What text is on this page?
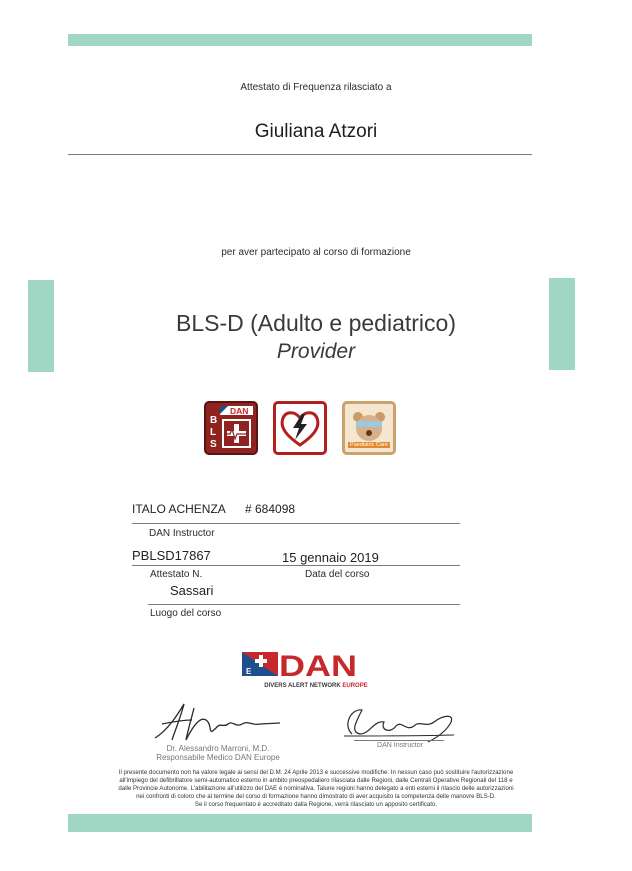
Attestato di Frequenza rilasciato a
Giuliana Atzori
per aver partecipato al corso di formazione
BLS-D (Adulto e pediatrico)
Provider
DAN
B
L
S	Paediatric Care
ITALO ACHENZA # 684098
DAN Instructor
PBLSD17867	15 gennaio 2019
Attestato N.	Data del corso
Sassari
Luogo del corso
E DAN
DIVERS ALERT NETWORK EUROPE
Dr. Alessandro Marroni, M.D.
Responsabile Medico DAN Europe
DAN Instructor
Il presente documento non ha valore legale ai sensi del D.M. 24 Aprile 2013 e successive modifiche. In nessun caso può sostituire l'autorizzazione
all'impiego del defibrillatore semi-automatico esterno in ambito preospedaliero rilasciata dalle Regioni, dalle Centrali Operative Regionali del 118 e
dalle Provincie Autonome. L'abilitazione all'utilizzo del DAE è nominativa. Talune regioni hanno delegato a enti esterni il rilascio delle autorizzazioni
nei confronti di coloro che al termine del corso di formazione hanno dimostrato di aver acquisito la competenza delle manovre BLS-D.
Se il corso frequentato è accreditato dalla Regione, verrà rilasciato un apposito certificato.
